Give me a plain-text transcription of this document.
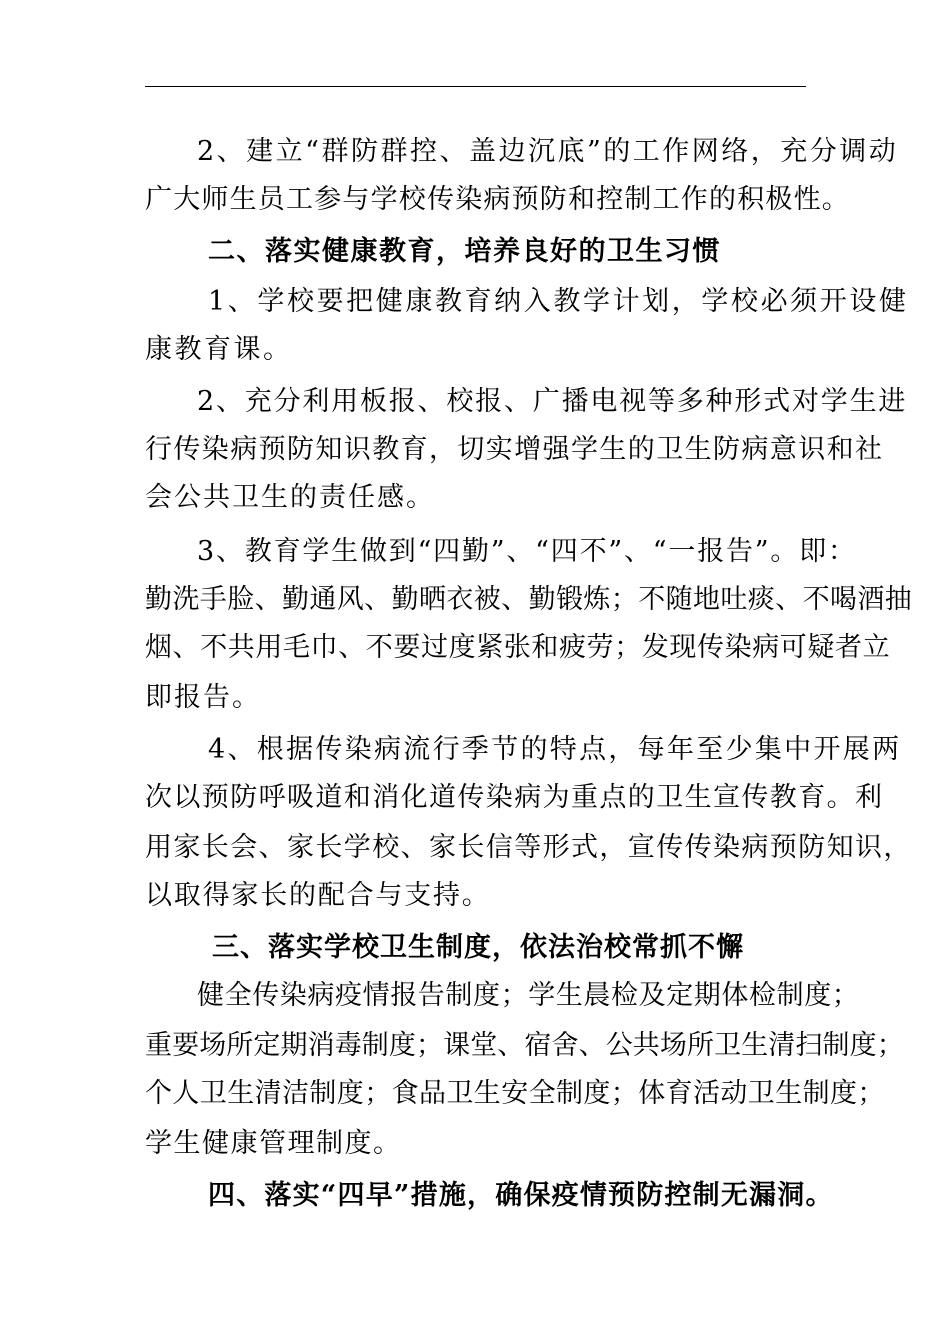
2、建立“群防群控、盖边沉底”的工作网络，充分调动
广大师生员工参与学校传染病预防和控制工作的积极性。
二、落实健康教育，培养良好的卫生习惯
1、学校要把健康教育纳入教学计划，学校必须开设健
康教育课。
2、充分利用板报、校报、广播电视等多种形式对学生进
行传染病预防知识教育，切实增强学生的卫生防病意识和社
会公共卫生的责任感。
3、教育学生做到“四勤”、“四不”、“一报告”。即：
勤洗手脸、勤通风、勤晒衣被、勤锻炼；不随地吐痰、不喝酒抽
烟、不共用毛巾、不要过度紧张和疲劳；发现传染病可疑者立
即报告。
4、根据传染病流行季节的特点，每年至少集中开展两
次以预防呼吸道和消化道传染病为重点的卫生宣传教育。利
用家长会、家长学校、家长信等形式，宣传传染病预防知识，
以取得家长的配合与支持。
三、落实学校卫生制度，依法治校常抓不懈
健全传染病疫情报告制度；学生晨检及定期体检制度；
重要场所定期消毒制度；课堂、宿舍、公共场所卫生清扫制度；
个人卫生清洁制度；食品卫生安全制度；体育活动卫生制度；
学生健康管理制度。
四、落实“四早”措施，确保疫情预防控制无漏洞。
